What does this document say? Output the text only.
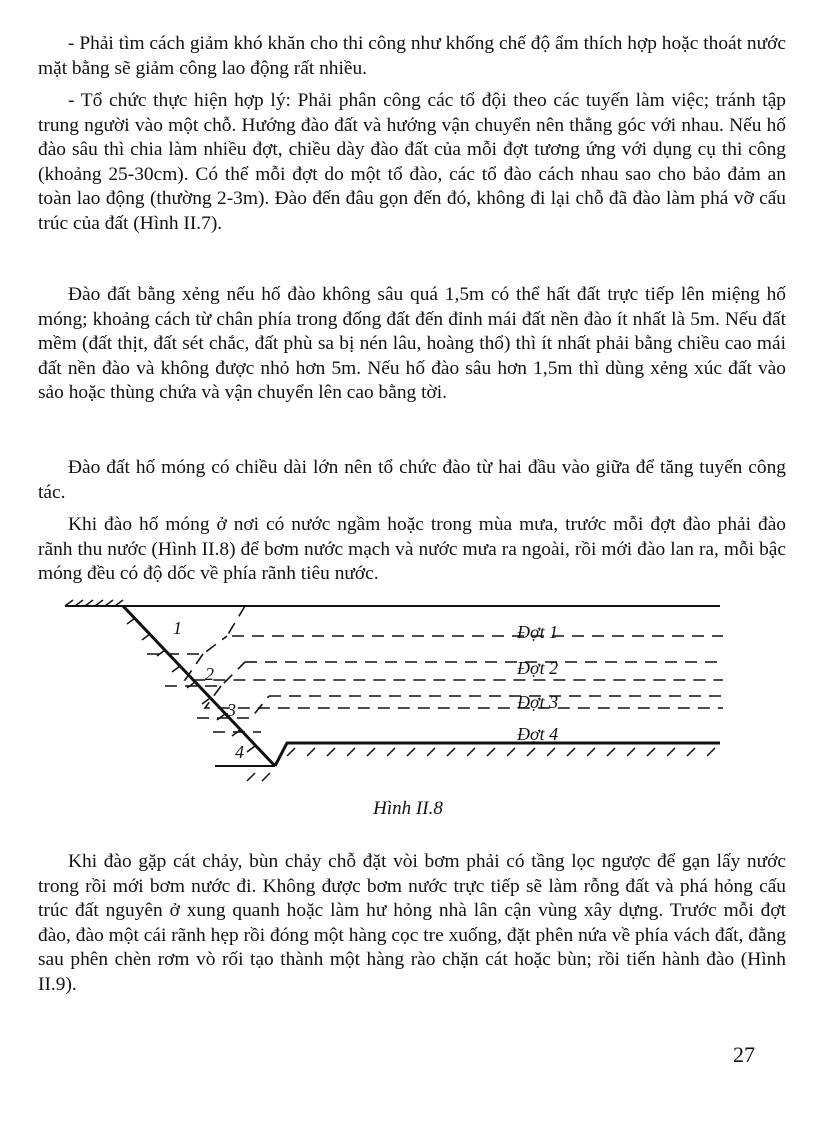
- Phải tìm cách giảm khó khăn cho thi công như khống chế độ ẩm thích hợp hoặc thoát nước mặt bằng sẽ giảm công lao động rất nhiều.

- Tổ chức thực hiện hợp lý: Phải phân công các tổ đội theo các tuyến làm việc; tránh tập trung người vào một chỗ. Hướng đào đất và hướng vận chuyển nên thẳng góc với nhau. Nếu hố đào sâu thì chia làm nhiều đợt, chiều dày đào đất của mỗi đợt tương ứng với dụng cụ thi công (khoảng 25-30cm). Có thể mỗi đợt do một tổ đào, các tổ đào cách nhau sao cho bảo đảm an toàn lao động (thường 2-3m). Đào đến đâu gọn đến đó, không đi lại chỗ đã đào làm phá vỡ cấu trúc của đất (Hình II.7).

Đào đất bằng xẻng nếu hố đào không sâu quá 1,5m có thể hất đất trực tiếp lên miệng hố móng; khoảng cách từ chân phía trong đống đất đến đỉnh mái đất nền đào ít nhất là 5m. Nếu đất mềm (đất thịt, đất sét chắc, đất phù sa bị nén lâu, hoàng thổ) thì ít nhất phải bằng chiều cao mái đất nền đào và không được nhỏ hơn 5m. Nếu hố đào sâu hơn 1,5m thì dùng xẻng xúc đất vào sảo hoặc thùng chứa và vận chuyển lên cao bằng tời.

Đào đất hố móng có chiều dài lớn nên tổ chức đào từ hai đầu vào giữa để tăng tuyến công tác.

Khi đào hố móng ở nơi có nước ngầm hoặc trong mùa mưa, trước mỗi đợt đào phải đào rãnh thu nước (Hình II.8) để bơm nước mạch và nước mưa ra ngoài, rồi mới đào lan ra, mỗi bậc móng đều có độ dốc về phía rãnh tiêu nước.

1
2
3
4
Đợt 1
Đợt 2
Đợt 3
Đợt 4
Hình II.8

Khi đào gặp cát chảy, bùn chảy chỗ đặt vòi bơm phải có tầng lọc ngược để gạn lấy nước trong rồi mới bơm nước đi. Không được bơm nước trực tiếp sẽ làm rỗng đất và phá hỏng cấu trúc đất nguyên ở xung quanh hoặc làm hư hỏng nhà lân cận vùng xây dựng. Trước mỗi đợt đào, đào một cái rãnh hẹp rồi đóng một hàng cọc tre xuống, đặt phên nứa về phía vách đất, đằng sau phên chèn rơm vò rối tạo thành một hàng rào chặn cát hoặc bùn; rồi tiến hành đào (Hình II.9).

27
